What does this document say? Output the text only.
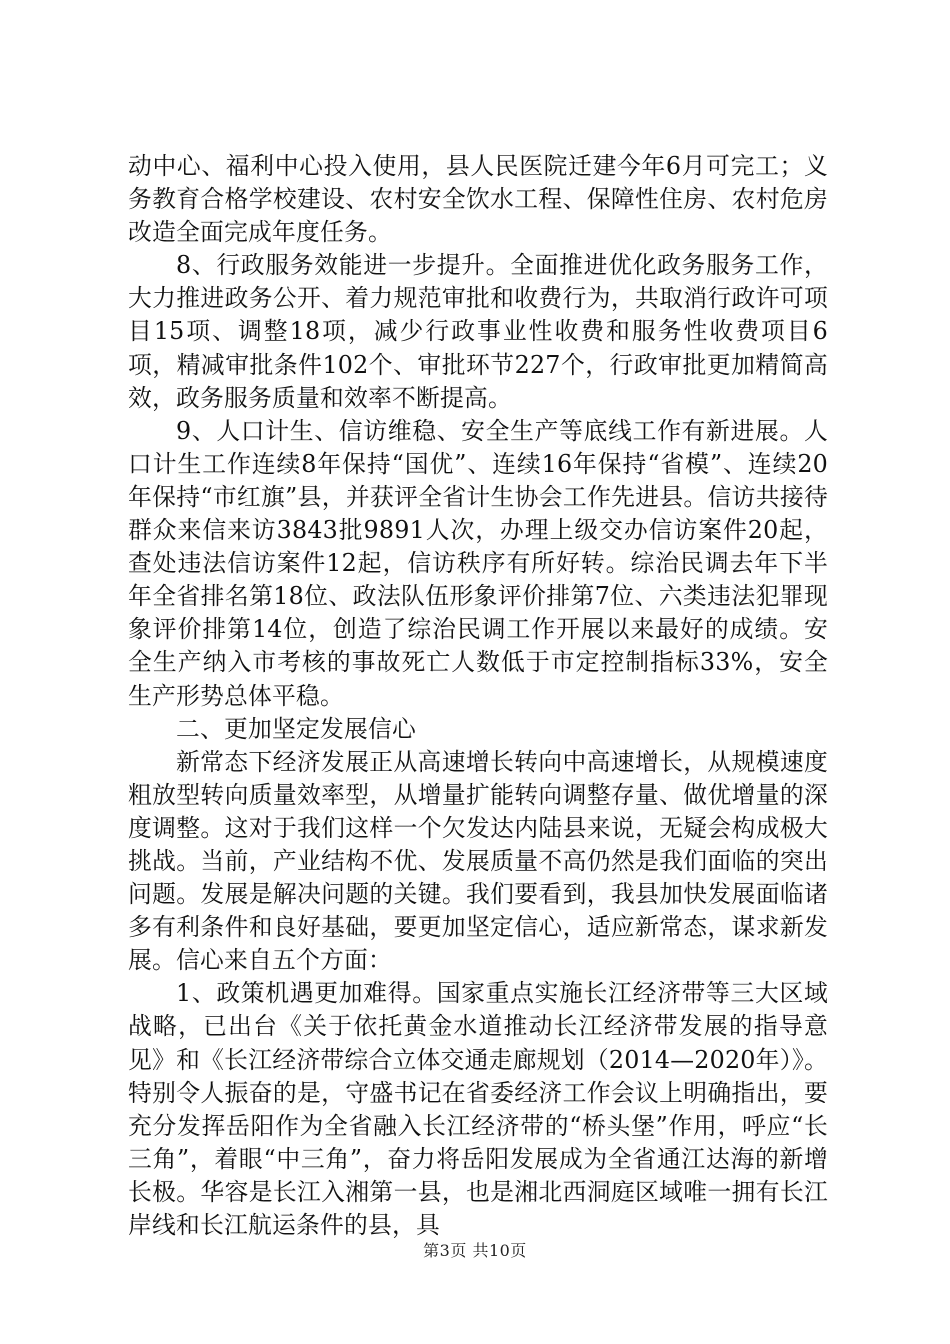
动中心、福利中心投入使用，县人民医院迁建今年6月可完工；义务教育合格学校建设、农村安全饮水工程、保障性住房、农村危房改造全面完成年度任务。

8、行政服务效能进一步提升。全面推进优化政务服务工作，大力推进政务公开、着力规范审批和收费行为，共取消行政许可项目15项、调整18项，减少行政事业性收费和服务性收费项目6项，精减审批条件102个、审批环节227个，行政审批更加精简高效，政务服务质量和效率不断提高。

9、人口计生、信访维稳、安全生产等底线工作有新进展。人口计生工作连续8年保持“国优”、连续16年保持“省模”、连续20年保持“市红旗”县，并获评全省计生协会工作先进县。信访共接待群众来信来访3843批9891人次，办理上级交办信访案件20起，查处违法信访案件12起，信访秩序有所好转。综治民调去年下半年全省排名第18位、政法队伍形象评价排第7位、六类违法犯罪现象评价排第14位，创造了综治民调工作开展以来最好的成绩。安全生产纳入市考核的事故死亡人数低于市定控制指标33%，安全生产形势总体平稳。

二、更加坚定发展信心

新常态下经济发展正从高速增长转向中高速增长，从规模速度粗放型转向质量效率型，从增量扩能转向调整存量、做优增量的深度调整。这对于我们这样一个欠发达内陆县来说，无疑会构成极大挑战。当前，产业结构不优、发展质量不高仍然是我们面临的突出问题。发展是解决问题的关键。我们要看到，我县加快发展面临诸多有利条件和良好基础，要更加坚定信心，适应新常态，谋求新发展。信心来自五个方面：

1、政策机遇更加难得。国家重点实施长江经济带等三大区域战略，已出台《关于依托黄金水道推动长江经济带发展的指导意见》和《长江经济带综合立体交通走廊规划（2014—2020年）》。特别令人振奋的是，守盛书记在省委经济工作会议上明确指出，要充分发挥岳阳作为全省融入长江经济带的“桥头堡”作用，呼应“长三角”，着眼“中三角”，奋力将岳阳发展成为全省通江达海的新增长极。华容是长江入湘第一县，也是湘北西洞庭区域唯一拥有长江岸线和长江航运条件的县，具

第3页 共10页
